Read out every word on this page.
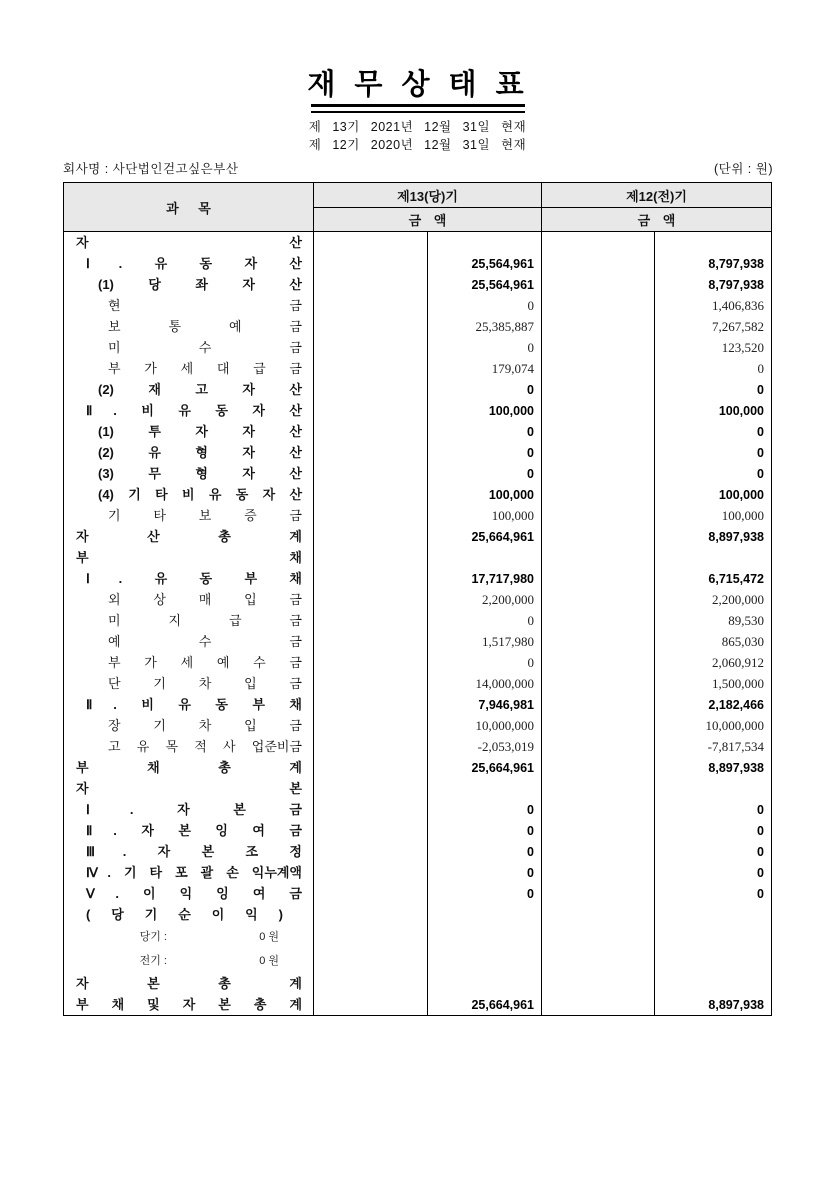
재 무 상 태 표
제 13기 2021년 12월 31일 현재
제 12기 2020년 12월 31일 현재
회사명 : 사단법인걷고싶은부산	(단위 : 원)
과 목
제13(당)기	제12(전)기
금 액	금 액
자 산
Ⅰ. 유 동 자 산	25,564,961	8,797,938
(1) 당 좌 자 산	25,564,961	8,797,938
현 금	0	1,406,836
보 통 예 금	25,385,887	7,267,582
미 수 금	0	123,520
부 가 세 대 급 금	179,074	0
(2) 재 고 자 산	0	0
Ⅱ. 비 유 동 자 산	100,000	100,000
(1) 투 자 자 산	0	0
(2) 유 형 자 산	0	0
(3) 무 형 자 산	0	0
(4) 기 타 비 유 동 자 산	100,000	100,000
기 타 보 증 금	100,000	100,000
자 산 총 계	25,664,961	8,897,938
부 채
Ⅰ. 유 동 부 채	17,717,980	6,715,472
외 상 매 입 금	2,200,000	2,200,000
미 지 급 금	0	89,530
예 수 금	1,517,980	865,030
부 가 세 예 수 금	0	2,060,912
단 기 차 입 금	14,000,000	1,500,000
Ⅱ. 비 유 동 부 채	7,946,981	2,182,466
장 기 차 입 금	10,000,000	10,000,000
고 유 목 적 사 업준비금	-2,053,019	-7,817,534
부 채 총 계	25,664,961	8,897,938
자 본
Ⅰ. 자 본 금	0	0
Ⅱ. 자 본 잉 여 금	0	0
Ⅲ. 자 본 조 정	0	0
Ⅳ. 기 타 포 괄 손 익누계액	0	0
Ⅴ. 이 익 잉 여 금	0	0
( 당 기 순 이 익 )
당기 :	0 원
전기 :	0 원
자 본 총 계
부 채 및 자 본 총 계	25,664,961	8,897,938
